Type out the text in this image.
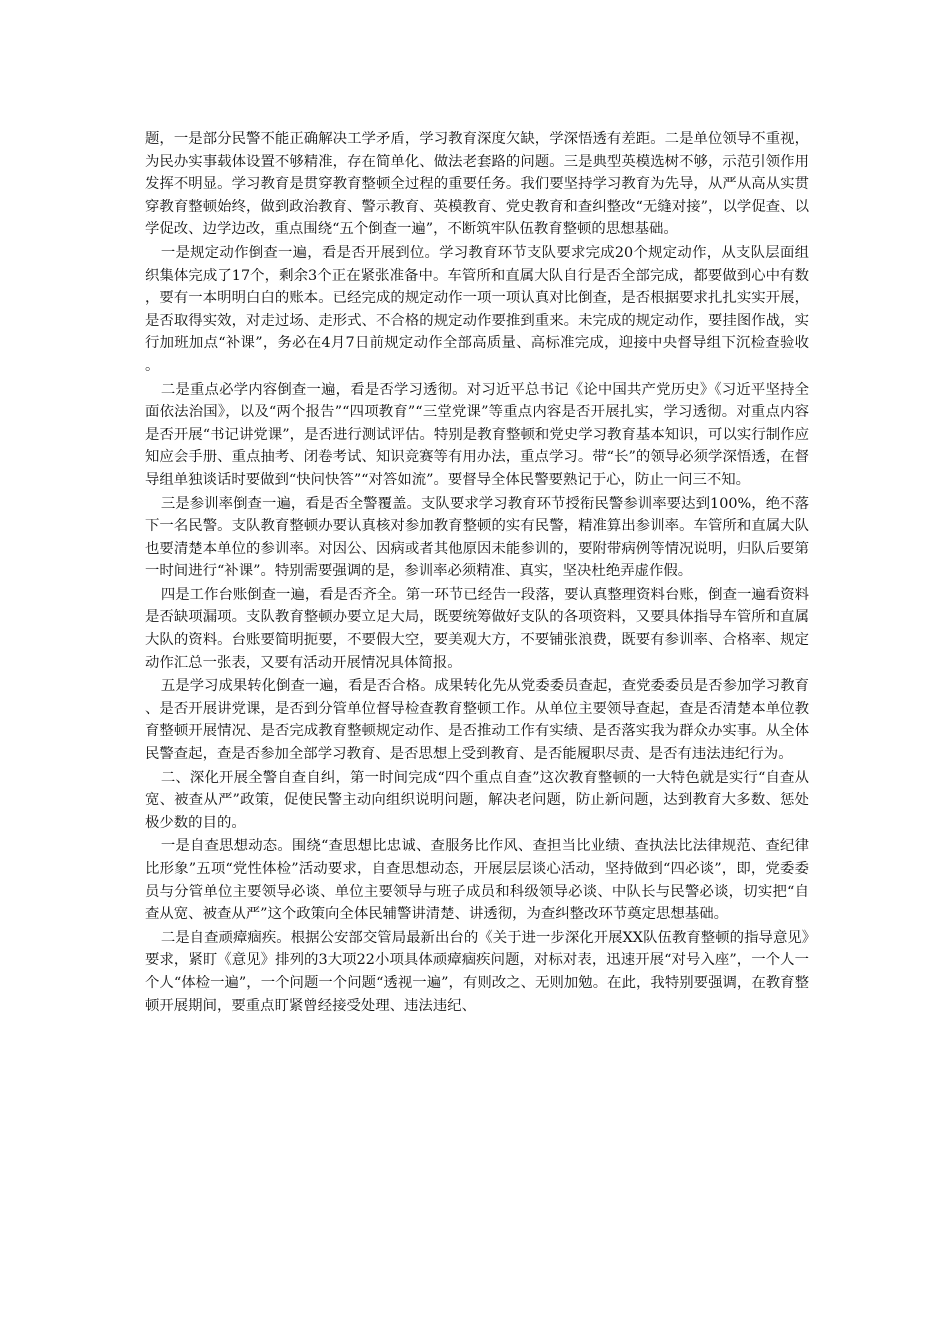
题，一是部分民警不能正确解决工学矛盾，学习教育深度欠缺，学深悟透有差距。二是单位领导不重视，为民办实事载体设置不够精准，存在简单化、做法老套路的问题。三是典型英模选树不够，示范引领作用发挥不明显。学习教育是贯穿教育整顿全过程的重要任务。我们要坚持学习教育为先导，从严从高从实贯穿教育整顿始终，做到政治教育、警示教育、英模教育、党史教育和查纠整改“无缝对接”，以学促查、以学促改、边学边改，重点围绕“五个倒查一遍”，不断筑牢队伍教育整顿的思想基础。

一是规定动作倒查一遍，看是否开展到位。学习教育环节支队要求完成20个规定动作，从支队层面组织集体完成了17个，剩余3个正在紧张准备中。车管所和直属大队自行是否全部完成，都要做到心中有数，要有一本明明白白的账本。已经完成的规定动作一项一项认真对比倒查，是否根据要求扎扎实实开展，是否取得实效，对走过场、走形式、不合格的规定动作要推到重来。未完成的规定动作，要挂图作战，实行加班加点“补课”，务必在4月7日前规定动作全部高质量、高标准完成，迎接中央督导组下沉检查验收。

二是重点必学内容倒查一遍，看是否学习透彻。对习近平总书记《论中国共产党历史》《习近平坚持全面依法治国》，以及“两个报告”“四项教育”“三堂党课”等重点内容是否开展扎实，学习透彻。对重点内容是否开展“书记讲党课”，是否进行测试评估。特别是教育整顿和党史学习教育基本知识，可以实行制作应知应会手册、重点抽考、闭卷考试、知识竞赛等有用办法，重点学习。带“长”的领导必须学深悟透，在督导组单独谈话时要做到“快问快答”“对答如流”。要督导全体民警要熟记于心，防止一问三不知。

三是参训率倒查一遍，看是否全警覆盖。支队要求学习教育环节授衔民警参训率要达到100%，绝不落下一名民警。支队教育整顿办要认真核对参加教育整顿的实有民警，精准算出参训率。车管所和直属大队也要清楚本单位的参训率。对因公、因病或者其他原因未能参训的，要附带病例等情况说明，归队后要第一时间进行“补课”。特别需要强调的是，参训率必须精准、真实，坚决杜绝弄虚作假。

四是工作台账倒查一遍，看是否齐全。第一环节已经告一段落，要认真整理资料台账，倒查一遍看资料是否缺项漏项。支队教育整顿办要立足大局，既要统筹做好支队的各项资料，又要具体指导车管所和直属大队的资料。台账要简明扼要，不要假大空，要美观大方，不要铺张浪费，既要有参训率、合格率、规定动作汇总一张表，又要有活动开展情况具体简报。

五是学习成果转化倒查一遍，看是否合格。成果转化先从党委委员查起，查党委委员是否参加学习教育、是否开展讲党课，是否到分管单位督导检查教育整顿工作。从单位主要领导查起，查是否清楚本单位教育整顿开展情况、是否完成教育整顿规定动作、是否推动工作有实绩、是否落实我为群众办实事。从全体民警查起，查是否参加全部学习教育、是否思想上受到教育、是否能履职尽责、是否有违法违纪行为。

二、深化开展全警自查自纠，第一时间完成“四个重点自查”这次教育整顿的一大特色就是实行“自查从宽、被查从严”政策，促使民警主动向组织说明问题，解决老问题，防止新问题，达到教育大多数、惩处极少数的目的。

一是自查思想动态。围绕“查思想比忠诚、查服务比作风、查担当比业绩、查执法比法律规范、查纪律比形象”五项“党性体检”活动要求，自查思想动态，开展层层谈心活动，坚持做到“四必谈”，即，党委委员与分管单位主要领导必谈、单位主要领导与班子成员和科级领导必谈、中队长与民警必谈，切实把“自查从宽、被查从严”这个政策向全体民辅警讲清楚、讲透彻，为查纠整改环节奠定思想基础。

二是自查顽瘴痼疾。根据公安部交管局最新出台的《关于进一步深化开展XX队伍教育整顿的指导意见》要求，紧盯《意见》排列的3大项22小项具体顽瘴痼疾问题，对标对表，迅速开展“对号入座”，一个人一个人“体检一遍”，一个问题一个问题“透视一遍”，有则改之、无则加勉。在此，我特别要强调，在教育整顿开展期间，要重点盯紧曾经接受处理、违法违纪、
